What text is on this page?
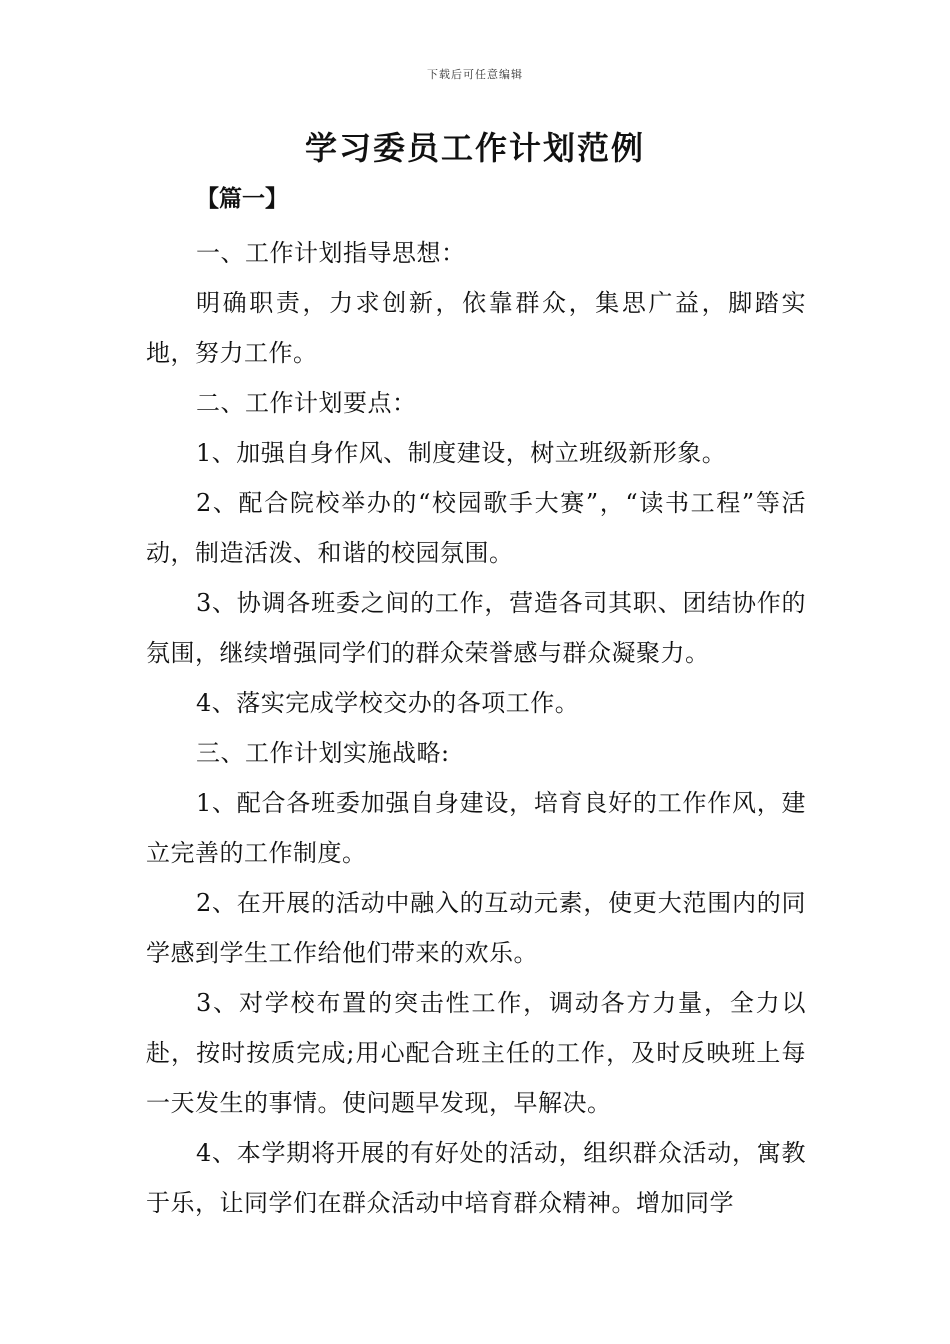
下载后可任意编辑
学习委员工作计划范例
【篇一】

一、工作计划指导思想：

明确职责，力求创新，依靠群众，集思广益，脚踏实地，努力工作。

二、工作计划要点：

1、加强自身作风、制度建设，树立班级新形象。

2、配合院校举办的“校园歌手大赛”，“读书工程”等活动，制造活泼、和谐的校园氛围。

3、协调各班委之间的工作，营造各司其职、团结协作的氛围，继续增强同学们的群众荣誉感与群众凝聚力。

4、落实完成学校交办的各项工作。

三、工作计划实施战略:

1、配合各班委加强自身建设，培育良好的工作作风，建立完善的工作制度。

2、在开展的活动中融入的互动元素，使更大范围内的同学感到学生工作给他们带来的欢乐。

3、对学校布置的突击性工作，调动各方力量，全力以赴，按时按质完成;用心配合班主任的工作，及时反映班上每一天发生的事情。使问题早发现，早解决。

4、本学期将开展的有好处的活动，组织群众活动，寓教于乐，让同学们在群众活动中培育群众精神。增加同学
